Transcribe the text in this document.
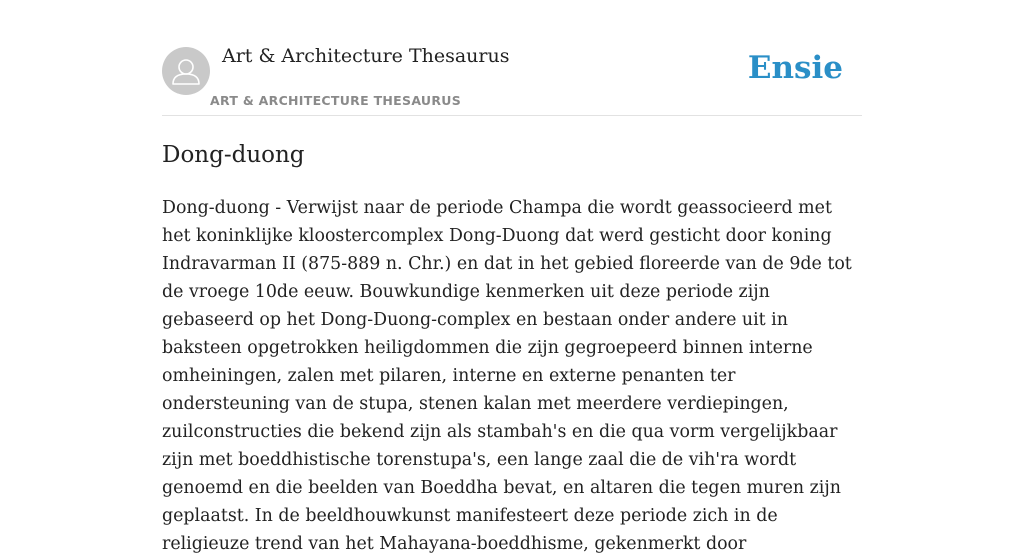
Art & Architecture Thesaurus
ART & ARCHITECTURE THESAURUS
Ensie
Dong-duong

Dong-duong - Verwijst naar de periode Champa die wordt geassocieerd met het koninklijke kloostercomplex Dong-Duong dat werd gesticht door koning Indravarman II (875-889 n. Chr.) en dat in het gebied floreerde van de 9de tot de vroege 10de eeuw. Bouwkundige kenmerken uit deze periode zijn gebaseerd op het Dong-Duong-complex en bestaan onder andere uit in baksteen opgetrokken heiligdommen die zijn gegroepeerd binnen interne omheiningen, zalen met pilaren, interne en externe penanten ter ondersteuning van de stupa, stenen kalan met meerdere verdiepingen, zuilconstructies die bekend zijn als stambah's en die qua vorm vergelijkbaar zijn met boeddhistische torenstupa's, een lange zaal die de vih'ra wordt genoemd en die beelden van Boeddha bevat, en altaren die tegen muren zijn geplaatst. In de beeldhouwkunst manifesteert deze periode zich in de religieuze trend van het Mahayana-boeddhisme, gekenmerkt door
